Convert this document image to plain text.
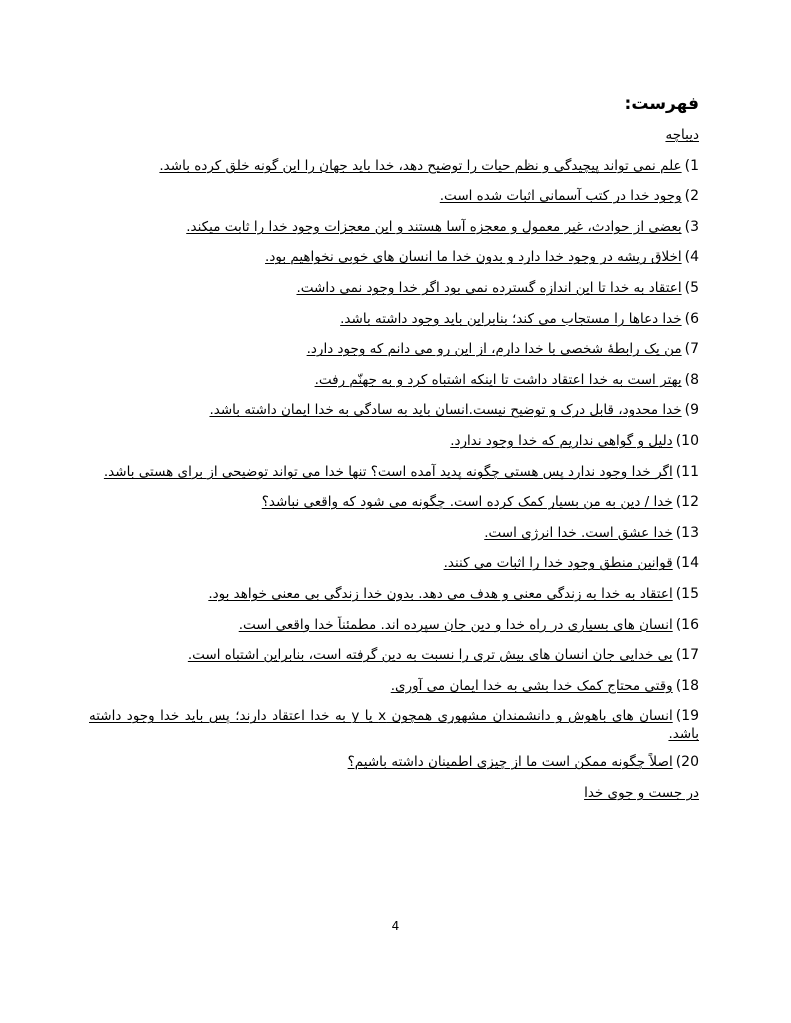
فهرست:
دیباچه
1)علم نمی تواند پیچیدگی و نظم حیات را توضیح دهد، خدا باید جهان را این گونه خلق کرده باشد.
2)وجود خدا در کتب آسمانی اثبات شده است.
3)بعضی از حوادث، غیر معمول و معجزه آسا هستند و این معجزات وجود خدا را ثابت میکند.
4)اخلاق ریشه در وجود خدا دارد و بدون خدا ما انسان های خوبی نخواهیم بود.
5)اعتقاد به خدا تا این اندازه گسترده نمی بود اگر خدا وجود نمی داشت.
6)خدا دعاها را مستجاب می کند؛ بنابراین باید وجود داشته باشد.
7)من یک رابطهٔ شخصی با خدا دارم، از این رو می دانم که وجود دارد.
8)بهتر است به خدا اعتقاد داشت تا اینکه اشتباه کرد و به جهنّم رفت.
9)خدا محدود، قابل درک و توضیح نیست.انسان باید به سادگی به خدا ایمان داشته باشد.
10)دلیل و گواهی نداریم که خدا وجود ندارد.
11)اگر خدا وجود ندارد پس هستی چگونه پدید آمده است؟ تنها خدا می تواند توضیحی از برای هستی باشد.
12)خدا / دین به من بسیار کمک کرده است. چگونه می شود که واقعی نباشد؟
13)خدا عشق است. خدا انرژی است.
14)قوانین منطق وجود خدا را اثبات می کنند.
15)اعتقاد به خدا به زندگی معنی و هدف می دهد. بدون خدا زندگی بی معنی خواهد بود.
16)انسان های بسیاری در راه خدا و دین جان سپرده اند. مطمئناً خدا واقعی است.
17)بی خدایی جان انسان های بیش تری را نسبت به دین گرفته است، بنابراین اشتباه است.
18)وقتی محتاج کمک خدا بشی به خدا ایمان می آوری.
19)انسان های باهوش و دانشمندان مشهوری همچون x یا y به خدا اعتقاد دارند؛ پس باید خدا وجود داشته باشد.
20)اصلاً چگونه ممکن است ما از چیزی اطمینان داشته باشیم؟
در جست و جوی خدا

4
